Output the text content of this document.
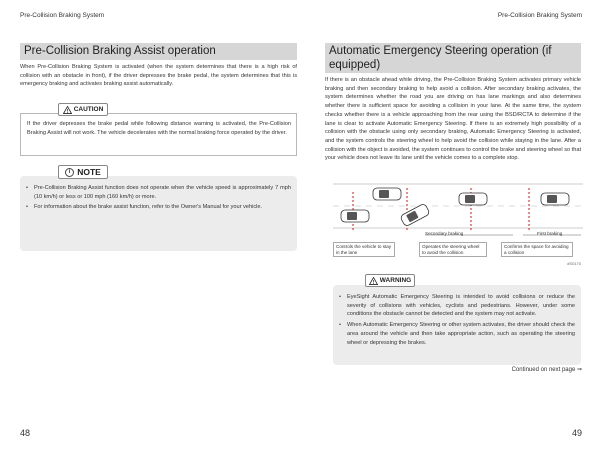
Pre-Collision Braking System	Pre-Collision Braking System
Pre-Collision Braking Assist operation
When Pre-Collision Braking System is activated (when the system determines that there is a high risk of collision with an obstacle in front), if the driver depresses the brake pedal, the system determines that this is emergency braking and activates braking assist automatically.
If the driver depresses the brake pedal while following distance warning is activated, the Pre-Collision Braking Assist will not work. The vehicle decelerates with the normal braking force operated by the driver.
! CAUTION
• Pre-Collision Braking Assist function does not operate when the vehicle speed is approximately 7 mph (10 km/h) or less or 100 mph (160 km/h) or more.
• For information about the brake assist function, refer to the Owner's Manual for your vehicle.
i NOTE
Automatic Emergency Steering operation (if equipped)
If there is an obstacle ahead while driving, the Pre-Collision Braking System activates primary vehicle braking and then secondary braking to help avoid a collision. After secondary braking activates, the system determines whether the road you are driving on has lane markings and also determines whether there is sufficient space for avoiding a collision in your lane. At the same time, the system checks whether there is a vehicle approaching from the rear using the BSD/RCTA to determine if the lane is clear to activate Automatic Emergency Steering. If there is an extremely high possibility of a collision with the obstacle using only secondary braking, Automatic Emergency Steering is activated, and the system controls the steering wheel to help avoid the collision while staying in the lane. After a collision with the object is avoided, the system continues to control the brake and steering wheel so that your vehicle does not leave its lane until the vehicle comes to a complete stop.
Secondary braking	First braking
Controls the vehicle to stay in the lane
Operates the steering wheel to avoid the collision
Confirms the space for avoiding a collision
#S0170
• EyeSight Automatic Emergency Steering is intended to avoid collisions or reduce the severity of collisions with vehicles, cyclists and pedestrians. However, under some conditions the obstacle cannot be detected and the system may not activate.
• When Automatic Emergency Steering or other system activates, the driver should check the area around the vehicle and then take appropriate action, such as operating the steering wheel or depressing the brakes.
! WARNING
Continued on next page ⇒
48	49
